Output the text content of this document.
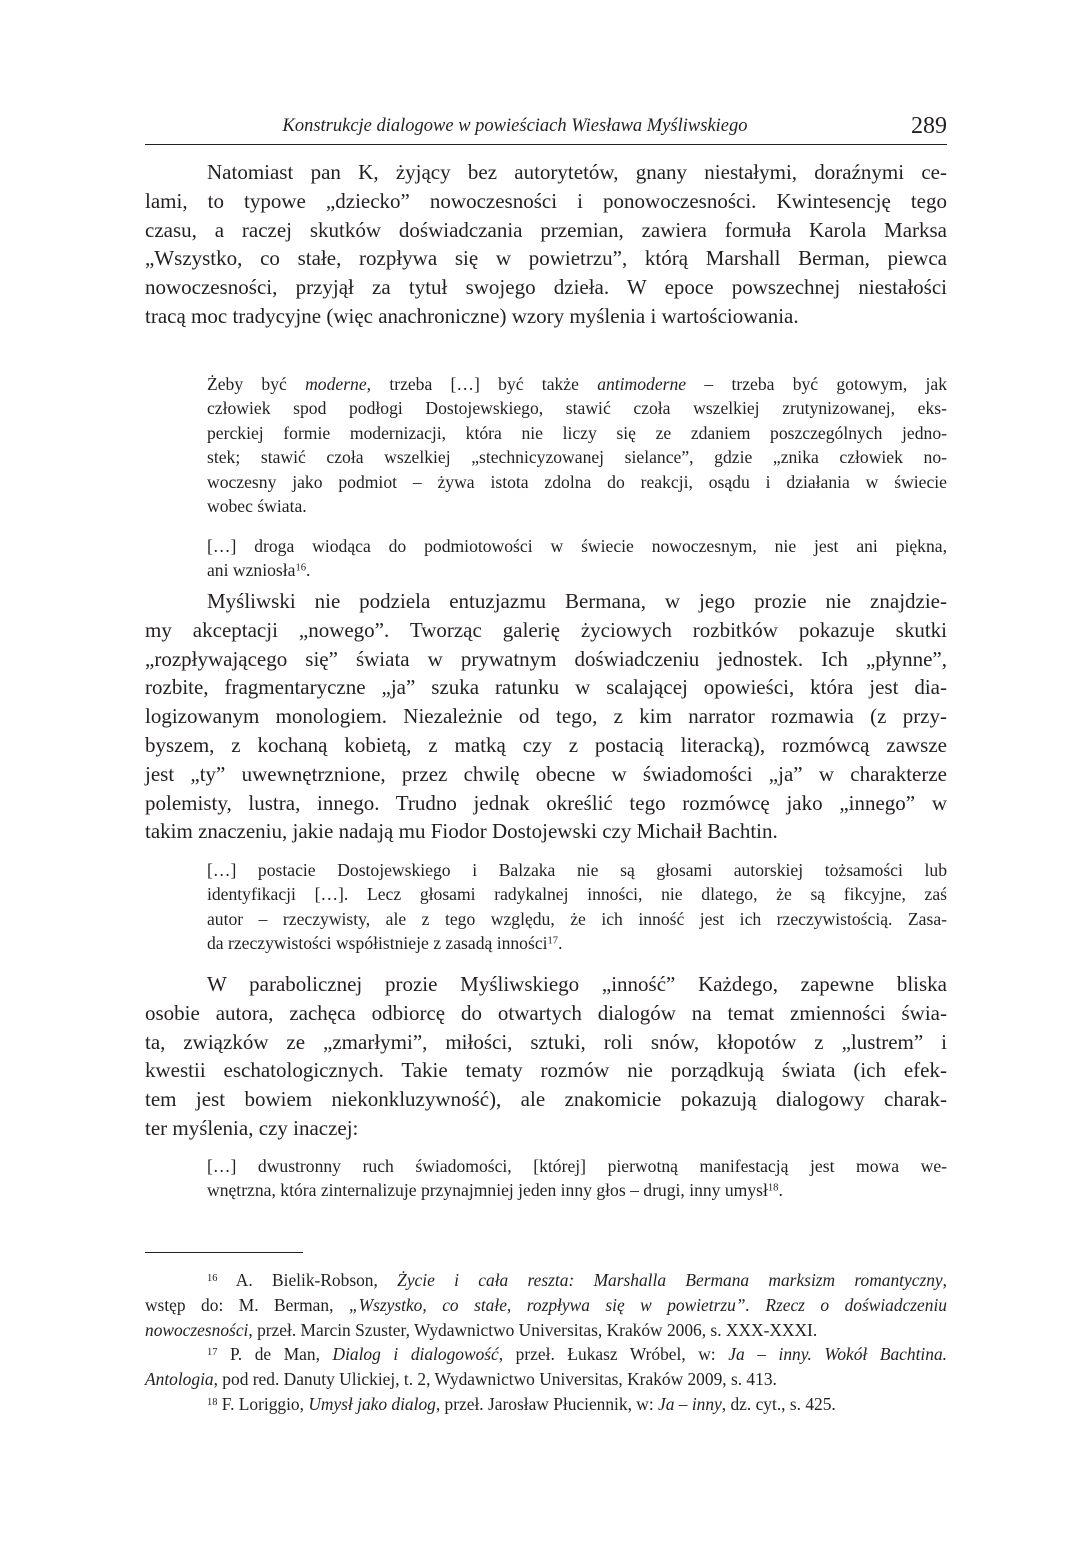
Konstrukcje dialogowe w powieściach Wiesława Myśliwskiego	289
Natomiast pan K, żyjący bez autorytetów, gnany niestałymi, doraźnymi ce-
lami, to typowe „dziecko” nowoczesności i ponowoczesności. Kwintesencję tego
czasu, a raczej skutków doświadczania przemian, zawiera formuła Karola Marksa
„Wszystko, co stałe, rozpływa się w powietrzu”, którą Marshall Berman, piewca
nowoczesności, przyjął za tytuł swojego dzieła. W epoce powszechnej niestałości
tracą moc tradycyjne (więc anachroniczne) wzory myślenia i wartościowania.
Żeby być moderne, trzeba […] być także antimoderne – trzeba być gotowym, jak
człowiek spod podłogi Dostojewskiego, stawić czoła wszelkiej zrutynizowanej, eks-
perckiej formie modernizacji, która nie liczy się ze zdaniem poszczególnych jedno-
stek; stawić czoła wszelkiej „stechnicyzowanej sielance”, gdzie „znika człowiek no-
woczesny jako podmiot – żywa istota zdolna do reakcji, osądu i działania w świecie
wobec świata.
[…] droga wiodąca do podmiotowości w świecie nowoczesnym, nie jest ani piękna,
ani wzniosła$^{16}$.
Myśliwski nie podziela entuzjazmu Bermana, w jego prozie nie znajdzie-
my akceptacji „nowego”. Tworząc galerię życiowych rozbitków pokazuje skutki
„rozpływającego się” świata w prywatnym doświadczeniu jednostek. Ich „płynne”,
rozbite, fragmentaryczne „ja” szuka ratunku w scalającej opowieści, która jest dia-
logizowanym monologiem. Niezależnie od tego, z kim narrator rozmawia (z przy-
byszem, z kochaną kobietą, z matką czy z postacią literacką), rozmówcą zawsze
jest „ty” uwewnętrznione, przez chwilę obecne w świadomości „ja” w charakterze
polemisty, lustra, innego. Trudno jednak określić tego rozmówcę jako „innego” w
takim znaczeniu, jakie nadają mu Fiodor Dostojewski czy Michaił Bachtin.
[…] postacie Dostojewskiego i Balzaka nie są głosami autorskiej tożsamości lub
identyfikacji […]. Lecz głosami radykalnej inności, nie dlatego, że są fikcyjne, zaś
autor – rzeczywisty, ale z tego względu, że ich inność jest ich rzeczywistością. Zasa-
da rzeczywistości współistnieje z zasadą inności$^{17}$.
W parabolicznej prozie Myśliwskiego „inność” Każdego, zapewne bliska
osobie autora, zachęca odbiorcę do otwartych dialogów na temat zmienności świa-
ta, związków ze „zmarłymi”, miłości, sztuki, roli snów, kłopotów z „lustrem” i
kwestii eschatologicznych. Takie tematy rozmów nie porządkują świata (ich efek-
tem jest bowiem niekonkluzywność), ale znakomicie pokazują dialogowy charak-
ter myślenia, czy inaczej:
[…] dwustronny ruch świadomości, [której] pierwotną manifestacją jest mowa we-
wnętrzna, która zinternalizuje przynajmniej jeden inny głos – drugi, inny umysł$^{18}$.
$^{16}$ A. Bielik-Robson, Życie i cała reszta: Marshalla Bermana marksizm romantyczny,
wstęp do: M. Berman, „Wszystko, co stałe, rozpływa się w powietrzu”. Rzecz o doświadczeniu
nowoczesności, przeł. Marcin Szuster, Wydawnictwo Universitas, Kraków 2006, s. XXX-XXXI.
$^{17}$ P. de Man, Dialog i dialogowość, przeł. Łukasz Wróbel, w: Ja – inny. Wokół Bachtina.
Antologia, pod red. Danuty Ulickiej, t. 2, Wydawnictwo Universitas, Kraków 2009, s. 413.
$^{18}$ F. Loriggio, Umysł jako dialog, przeł. Jarosław Płuciennik, w: Ja – inny, dz. cyt., s. 425.
